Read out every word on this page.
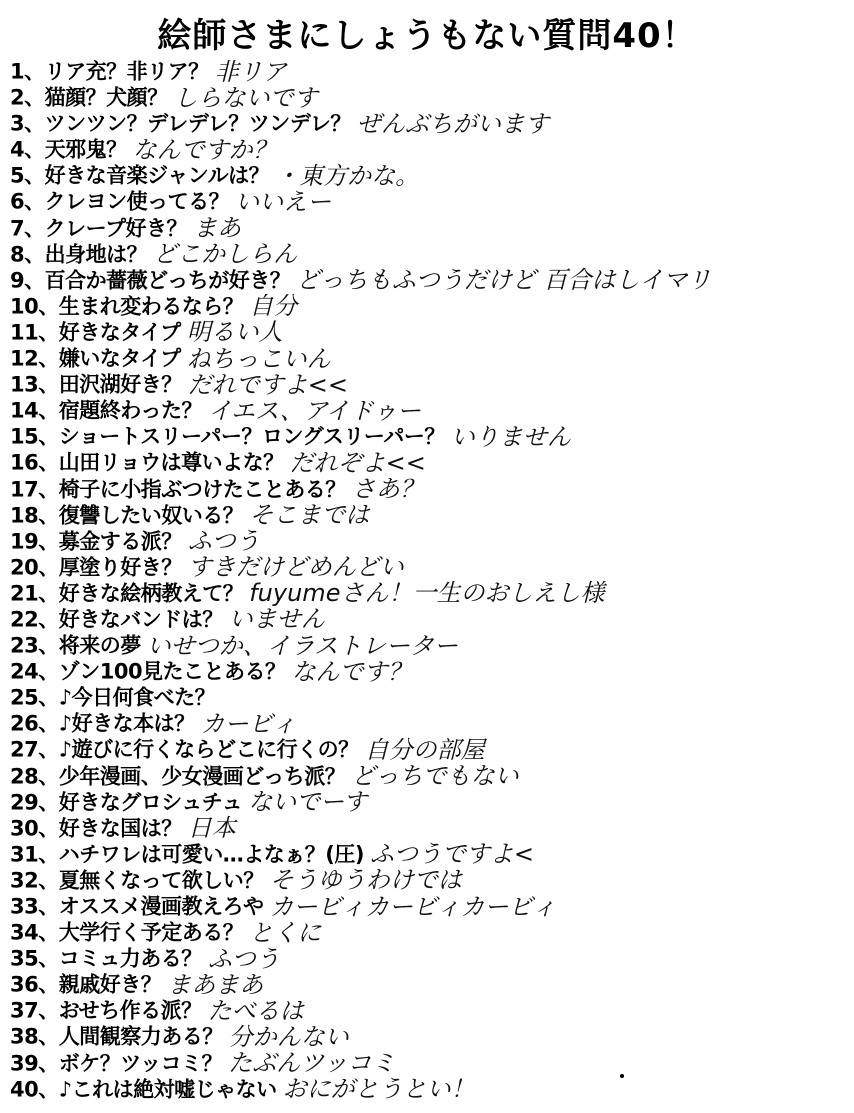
絵師さまにしょうもない質問40！
1、リア充？非リア？ 非リア
2、猫顔？犬顔？ しらないです
3、ツンツン？デレデレ？ツンデレ？ ぜんぶちがいます
4、天邪鬼？ なんですか？
5、好きな音楽ジャンルは？ ・東方かな。
6、クレヨン使ってる？ いいえー
7、クレープ好き？ まあ
8、出身地は？ どこかしらん
9、百合か薔薇どっちが好き？ どっちもふつうだけど 百合はしイマリ
10、生まれ変わるなら？ 自分
11、好きなタイプ 明るい人
12、嫌いなタイプ ねちっこいん
13、田沢湖好き？ だれですよ<<
14、宿題終わった？ イエス、アイドゥー
15、ショートスリーパー？ロングスリーパー？ いりません
16、山田リョウは尊いよな？ だれぞよ<<
17、椅子に小指ぶつけたことある？ さあ？
18、復讐したい奴いる？ そこまでは
19、募金する派？ ふつう
20、厚塗り好き？ すきだけどめんどい
21、好きな絵柄教えて？ fuyumeさん！一生のおしえし様
22、好きなバンドは？ いません
23、将来の夢 いせつか、イラストレーター
24、ゾン100見たことある？ なんです？
25、♪今日何食べた？
26、♪好きな本は？ カービィ
27、♪遊びに行くならどこに行くの？ 自分の部屋
28、少年漫画、少女漫画どっち派？ どっちでもない
29、好きなグロシュチュ ないでーす
30、好きな国は？ 日本
31、ハチワレは可愛い…よなぁ？(圧) ふつうですよ<
32、夏無くなって欲しい？ そうゆうわけでは
33、オススメ漫画教えろや カービィカービィカービィ
34、大学行く予定ある？ とくに
35、コミュ力ある？ ふつう
36、親戚好き？ まあまあ
37、おせち作る派？ たべるは
38、人間観察力ある？ 分かんない
39、ボケ？ツッコミ？ たぶんツッコミ
40、♪これは絶対嘘じゃない おにがとうとい！
